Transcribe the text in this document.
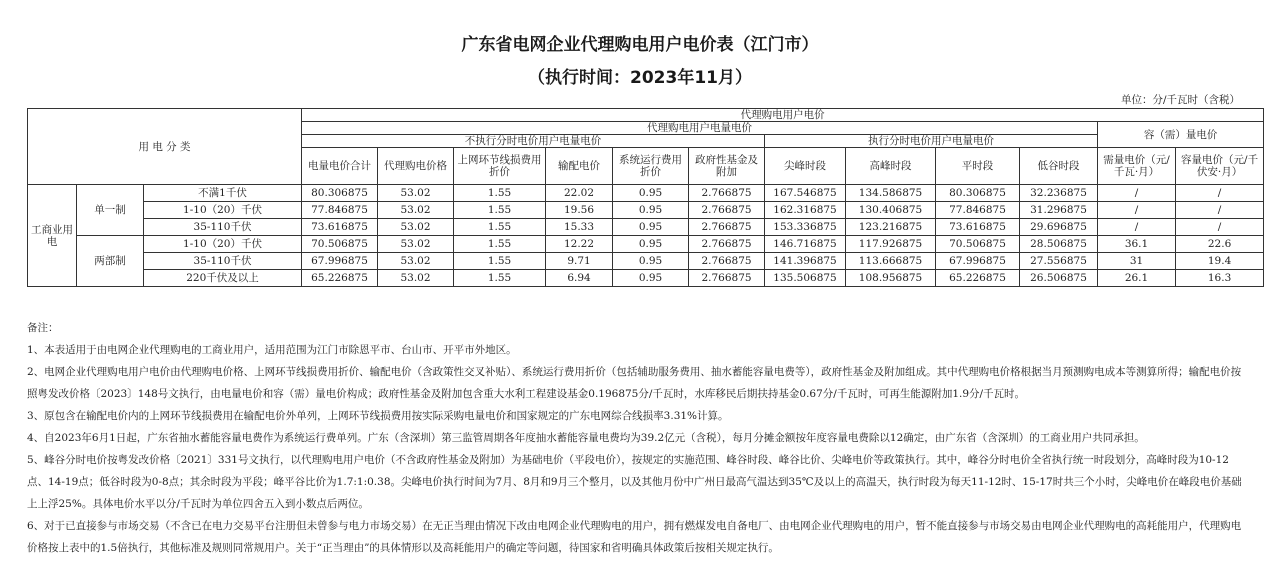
广东省电网企业代理购电用户电价表（江门市）
（执行时间：2023年11月）
单位：分/千瓦时（含税）
用 电 分 类			代理购电用户电价											
			代理购电用户电量电价										容（需）量电价	
			不执行分时电价用户电量电价						执行分时电价用户电量电价					
			电量电价合计	代理购电价格	上网环节线损费用折价	输配电价	系统运行费用折价	政府性基金及附加	尖峰时段	高峰时段	平时段	低谷时段	需量电价（元/千瓦·月）	容量电价（元/千伏安·月）
工商业用电	单一制	不满1千伏	80.306875	53.02	1.55	22.02	0.95	2.766875	167.546875	134.586875	80.306875	32.236875	/	/
		1-10（20）千伏	77.846875	53.02	1.55	19.56	0.95	2.766875	162.316875	130.406875	77.846875	31.296875	/	/
		35-110千伏	73.616875	53.02	1.55	15.33	0.95	2.766875	153.336875	123.216875	73.616875	29.696875	/	/
	两部制	1-10（20）千伏	70.506875	53.02	1.55	12.22	0.95	2.766875	146.716875	117.926875	70.506875	28.506875	36.1	22.6
		35-110千伏	67.996875	53.02	1.55	9.71	0.95	2.766875	141.396875	113.666875	67.996875	27.556875	31	19.4
		220千伏及以上	65.226875	53.02	1.55	6.94	0.95	2.766875	135.506875	108.956875	65.226875	26.506875	26.1	16.3

备注：

1、本表适用于由电网企业代理购电的工商业用户，适用范围为江门市除恩平市、台山市、开平市外地区。

2、电网企业代理购电用户电价由代理购电价格、上网环节线损费用折价、输配电价（含政策性交叉补贴）、系统运行费用折价（包括辅助服务费用、抽水蓄能容量电费等），政府性基金及附加组成。其中代理购电价格根据当月预测购电成本等测算所得；输配电价按照粤发改价格〔2023〕148号文执行，由电量电价和容（需）量电价构成；政府性基金及附加包含重大水利工程建设基金0.196875分/千瓦时，水库移民后期扶持基金0.67分/千瓦时，可再生能源附加1.9分/千瓦时。

3、原包含在输配电价内的上网环节线损费用在输配电价外单列，上网环节线损费用按实际采购电量电价和国家规定的广东电网综合线损率3.31%计算。

4、自2023年6月1日起，广东省抽水蓄能容量电费作为系统运行费单列。广东（含深圳）第三监管周期各年度抽水蓄能容量电费均为39.2亿元（含税），每月分摊金额按年度容量电费除以12确定，由广东省（含深圳）的工商业用户共同承担。

5、峰谷分时电价按粤发改价格〔2021〕331号文执行，以代理购电用户电价（不含政府性基金及附加）为基础电价（平段电价），按规定的实施范围、峰谷时段、峰谷比价、尖峰电价等政策执行。其中，峰谷分时电价全省执行统一时段划分，高峰时段为10-12点、14-19点；低谷时段为0-8点；其余时段为平段；峰平谷比价为1.7:1:0.38。尖峰电价执行时间为7月、8月和9月三个整月，以及其他月份中广州日最高气温达到35℃及以上的高温天，执行时段为每天11-12时、15-17时共三个小时，尖峰电价在峰段电价基础上上浮25%。具体电价水平以分/千瓦时为单位四舍五入到小数点后两位。

6、对于已直接参与市场交易（不含已在电力交易平台注册但未曾参与电力市场交易）在无正当理由情况下改由电网企业代理购电的用户，拥有燃煤发电自备电厂、由电网企业代理购电的用户，暂不能直接参与市场交易由电网企业代理购电的高耗能用户，代理购电价格按上表中的1.5倍执行，其他标准及规则同常规用户。关于“正当理由”的具体情形以及高耗能用户的确定等问题，待国家和省明确具体政策后按相关规定执行。
